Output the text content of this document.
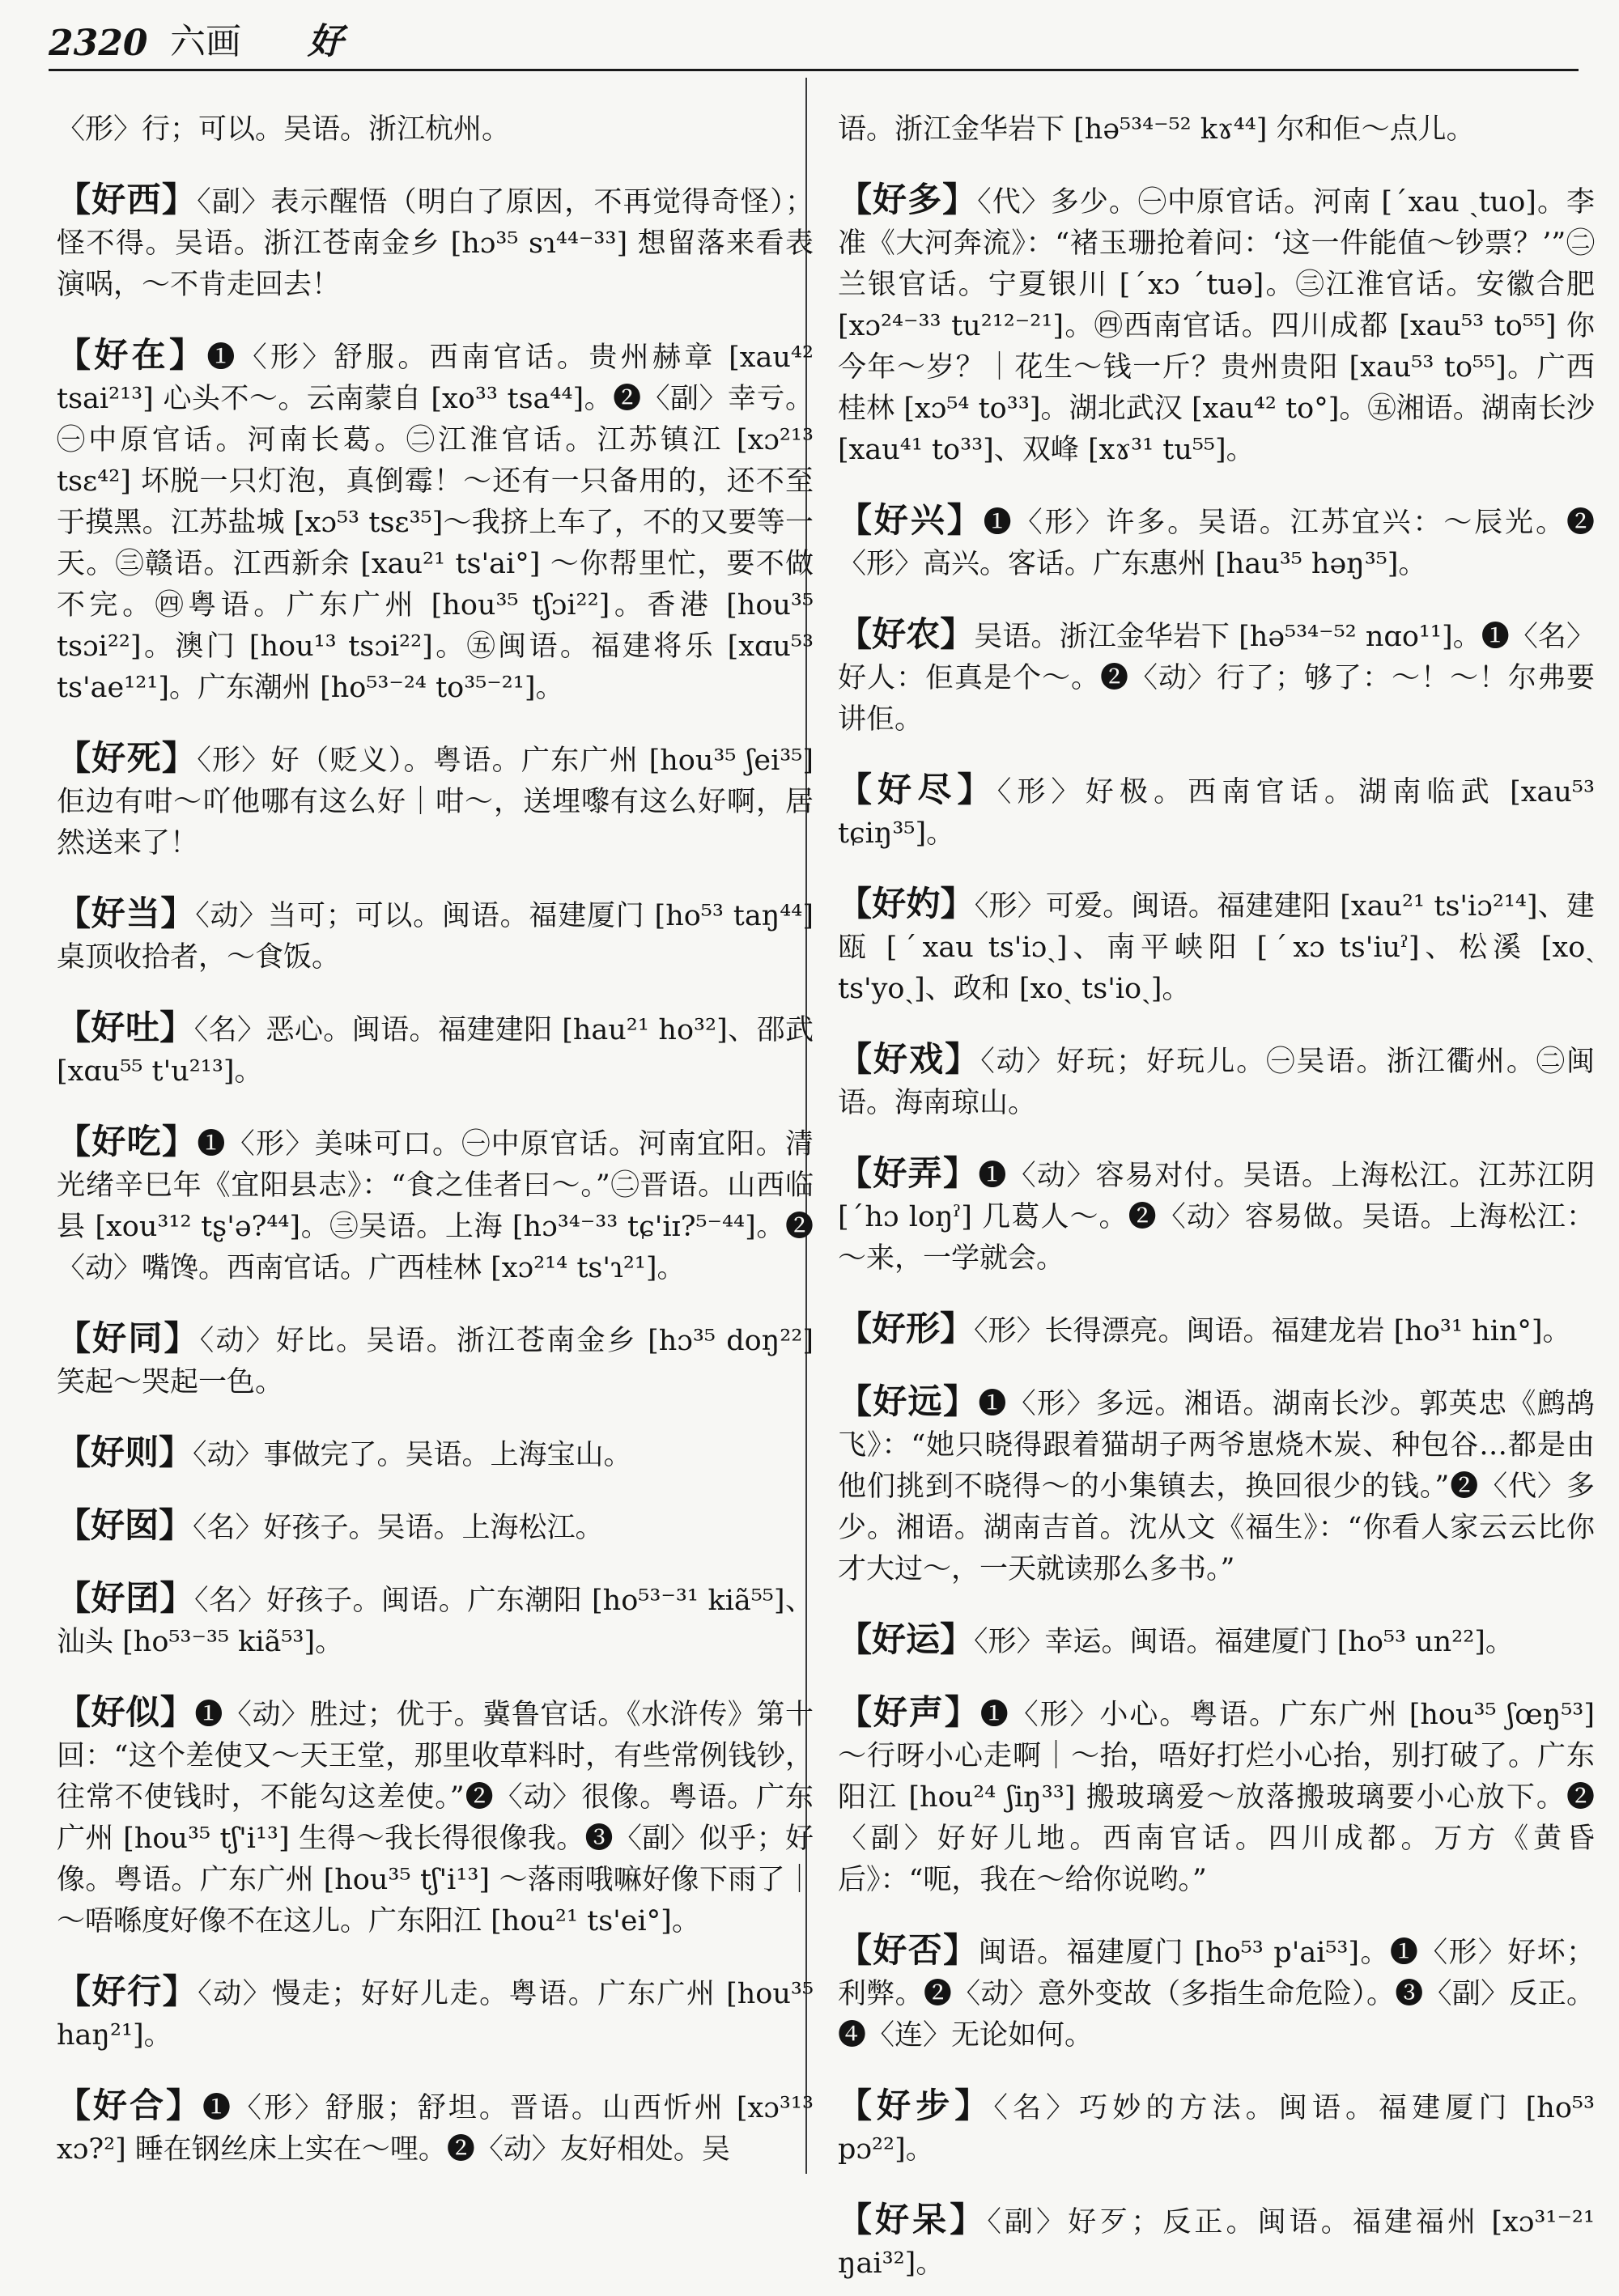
2320 六画	好

〈形〉行；可以。吴语。浙江杭州。

【好西】〈副〉表示醒悟（明白了原因，不再觉得奇怪）；怪不得。吴语。浙江苍南金乡 [hɔ³⁵ sɿ⁴⁴⁻³³] 想留落来看表演㖞，～不肯走回去！

【好在】❶〈形〉舒服。西南官话。贵州赫章 [xau⁴² tsai²¹³] 心头不～。云南蒙自 [xo³³ tsa⁴⁴]。❷〈副〉幸亏。㊀中原官话。河南长葛。㊁江淮官话。江苏镇江 [xɔ²¹³ tsɛ⁴²] 坏脱一只灯泡，真倒霉！～还有一只备用的，还不至于摸黑。江苏盐城 [xɔ⁵³ tsɛ³⁵]～我挤上车了，不的又要等一天。㊂赣语。江西新余 [xau²¹ ts'ai°] ～你帮里忙，要不做不完。㊃粤语。广东广州 [hou³⁵ tʃɔi²²]。香港 [hou³⁵ tsɔi²²]。澳门 [hou¹³ tsɔi²²]。㊄闽语。福建将乐 [xɑu⁵³ ts'ae¹²¹]。广东潮州 [ho⁵³⁻²⁴ to³⁵⁻²¹]。

【好死】〈形〉好（贬义）。粤语。广东广州 [hou³⁵ ʃei³⁵] 佢边有咁～吖他哪有这么好｜咁～，送埋嚟有这么好啊，居然送来了！

【好当】〈动〉当可；可以。闽语。福建厦门 [ho⁵³ taŋ⁴⁴] 桌顶收拾者，～食饭。

【好吐】〈名〉恶心。闽语。福建建阳 [hau²¹ ho³²]、邵武 [xɑu⁵⁵ t'u²¹³]。

【好吃】❶〈形〉美味可口。㊀中原官话。河南宜阳。清光绪辛巳年《宜阳县志》：“食之佳者曰～。”㊁晋语。山西临县 [xou³¹² tʂ'ə?⁴⁴]。㊂吴语。上海 [hɔ³⁴⁻³³ tɕ'iɪ?⁵⁻⁴⁴]。❷〈动〉嘴馋。西南官话。广西桂林 [xɔ²¹⁴ ts'ɿ²¹]。

【好同】〈动〉好比。吴语。浙江苍南金乡 [hɔ³⁵ doŋ²²] 笑起～哭起一色。

【好则】〈动〉事做完了。吴语。上海宝山。

【好囡】〈名〉好孩子。吴语。上海松江。

【好囝】〈名〉好孩子。闽语。广东潮阳 [ho⁵³⁻³¹ kiã⁵⁵]、汕头 [ho⁵³⁻³⁵ kiã⁵³]。

【好似】❶〈动〉胜过；优于。冀鲁官话。《水浒传》第十回：“这个差使又～天王堂，那里收草料时，有些常例钱钞，往常不使钱时，不能勾这差使。”❷〈动〉很像。粤语。广东广州 [hou³⁵ tʃ'i¹³] 生得～我长得很像我。❸〈副〉似乎；好像。粤语。广东广州 [hou³⁵ tʃ'i¹³] ～落雨哦嘛好像下雨了｜～唔喺度好像不在这儿。广东阳江 [hou²¹ ts'ei°]。

【好行】〈动〉慢走；好好儿走。粤语。广东广州 [hou³⁵ haŋ²¹]。

【好合】❶〈形〉舒服；舒坦。晋语。山西忻州 [xɔ³¹³ xɔ?²] 睡在钢丝床上实在～哩。❷〈动〉友好相处。吴

语。浙江金华岩下 [hə⁵³⁴⁻⁵² kɤ⁴⁴] 尔和佢～点儿。

【好多】〈代〉多少。㊀中原官话。河南 [ˊxau ˏtuo]。李准《大河奔流》：“褚玉珊抢着问：‘这一件能值～钞票？’”㊁兰银官话。宁夏银川 [ˊxɔ ˊtuə]。㊂江淮官话。安徽合肥 [xɔ²⁴⁻³³ tu²¹²⁻²¹]。㊃西南官话。四川成都 [xau⁵³ to⁵⁵] 你今年～岁？｜花生～钱一斤？贵州贵阳 [xau⁵³ to⁵⁵]。广西桂林 [xɔ⁵⁴ to³³]。湖北武汉 [xau⁴² to°]。㊄湘语。湖南长沙 [xau⁴¹ to³³]、双峰 [xɤ³¹ tu⁵⁵]。

【好兴】❶〈形〉许多。吴语。江苏宜兴：～辰光。❷〈形〉高兴。客话。广东惠州 [hau³⁵ həŋ³⁵]。

【好农】吴语。浙江金华岩下 [hə⁵³⁴⁻⁵² nɑo¹¹]。❶〈名〉好人：佢真是个～。❷〈动〉行了；够了：～！～！尔弗要讲佢。

【好尽】〈形〉好极。西南官话。湖南临武 [xau⁵³ tɕiŋ³⁵]。

【好妁】〈形〉可爱。闽语。福建建阳 [xau²¹ ts'iɔ²¹⁴]、建瓯 [ˊxau ts'iɔˎ]、南平峡阳 [ˊxɔ ts'iuˀ]、松溪 [xoˎ ts'yoˎ]、政和 [xoˎ ts'ioˎ]。

【好戏】〈动〉好玩；好玩儿。㊀吴语。浙江衢州。㊁闽语。海南琼山。

【好弄】❶〈动〉容易对付。吴语。上海松江。江苏江阴 [ˊhɔ loŋˀ] 几葛人～。❷〈动〉容易做。吴语。上海松江：～来，一学就会。

【好形】〈形〉长得漂亮。闽语。福建龙岩 [ho³¹ hin°]。

【好远】❶〈形〉多远。湘语。湖南长沙。郭英忠《鹧鸪飞》：“她只晓得跟着猫胡子两爷崽烧木炭、种包谷…都是由他们挑到不晓得～的小集镇去，换回很少的钱。”❷〈代〉多少。湘语。湖南吉首。沈从文《福生》：“你看人家云云比你才大过～，一天就读那么多书。”

【好运】〈形〉幸运。闽语。福建厦门 [ho⁵³ un²²]。

【好声】❶〈形〉小心。粤语。广东广州 [hou³⁵ ʃœŋ⁵³] ～行呀小心走啊｜～抬，唔好打烂小心抬，别打破了。广东阳江 [hou²⁴ ʃiŋ³³] 搬玻璃爱～放落搬玻璃要小心放下。❷〈副〉好好儿地。西南官话。四川成都。万方《黄昏后》：“呃，我在～给你说哟。”

【好否】闽语。福建厦门 [ho⁵³ p'ai⁵³]。❶〈形〉好坏；利弊。❷〈动〉意外变故（多指生命危险）。❸〈副〉反正。❹〈连〉无论如何。

【好步】〈名〉巧妙的方法。闽语。福建厦门 [ho⁵³ pɔ²²]。

【好呆】〈副〉好歹；反正。闽语。福建福州 [xɔ³¹⁻²¹ ŋai³²]。
